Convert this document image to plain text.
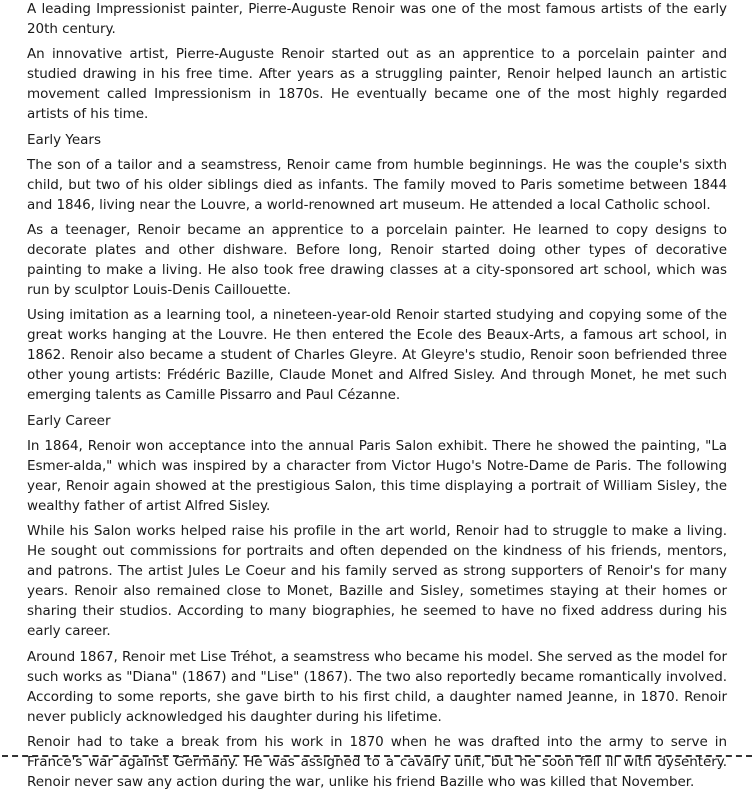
A leading Impressionist painter, Pierre-Auguste Renoir was one of the most famous artists of the early 20th century.

An innovative artist, Pierre-Auguste Renoir started out as an apprentice to a porcelain painter and studied drawing in his free time. After years as a struggling painter, Renoir helped launch an artistic movement called Impressionism in 1870s. He eventually became one of the most highly regarded artists of his time.

Early Years

The son of a tailor and a seamstress, Renoir came from humble beginnings. He was the couple's sixth child, but two of his older siblings died as infants. The family moved to Paris sometime between 1844 and 1846, living near the Louvre, a world-renowned art museum. He attended a local Catholic school.

As a teenager, Renoir became an apprentice to a porcelain painter. He learned to copy designs to decorate plates and other dishware. Before long, Renoir started doing other types of decorative painting to make a living. He also took free drawing classes at a city-sponsored art school, which was run by sculptor Louis-Denis Caillouette.

Using imitation as a learning tool, a nineteen-year-old Renoir started studying and copying some of the great works hanging at the Louvre. He then entered the Ecole des Beaux-Arts, a famous art school, in 1862. Renoir also became a student of Charles Gleyre. At Gleyre's studio, Renoir soon befriended three other young artists: Frédéric Bazille, Claude Monet and Alfred Sisley. And through Monet, he met such emerging talents as Camille Pissarro and Paul Cézanne.

Early Career

In 1864, Renoir won acceptance into the annual Paris Salon exhibit. There he showed the painting, "La Esmer-alda," which was inspired by a character from Victor Hugo's Notre-Dame de Paris. The following year, Renoir again showed at the prestigious Salon, this time displaying a portrait of William Sisley, the wealthy father of artist Alfred Sisley.

While his Salon works helped raise his profile in the art world, Renoir had to struggle to make a living. He sought out commissions for portraits and often depended on the kindness of his friends, mentors, and patrons. The artist Jules Le Coeur and his family served as strong supporters of Renoir's for many years. Renoir also remained close to Monet, Bazille and Sisley, sometimes staying at their homes or sharing their studios. According to many biographies, he seemed to have no fixed address during his early career.

Around 1867, Renoir met Lise Tréhot, a seamstress who became his model. She served as the model for such works as "Diana" (1867) and "Lise" (1867). The two also reportedly became romantically involved. According to some reports, she gave birth to his first child, a daughter named Jeanne, in 1870. Renoir never publicly acknowledged his daughter during his lifetime.

Renoir had to take a break from his work in 1870 when he was drafted into the army to serve in France's war against Germany. He was assigned to a cavalry unit, but he soon fell ill with dysentery. Renoir never saw any action during the war, unlike his friend Bazille who was killed that November.
